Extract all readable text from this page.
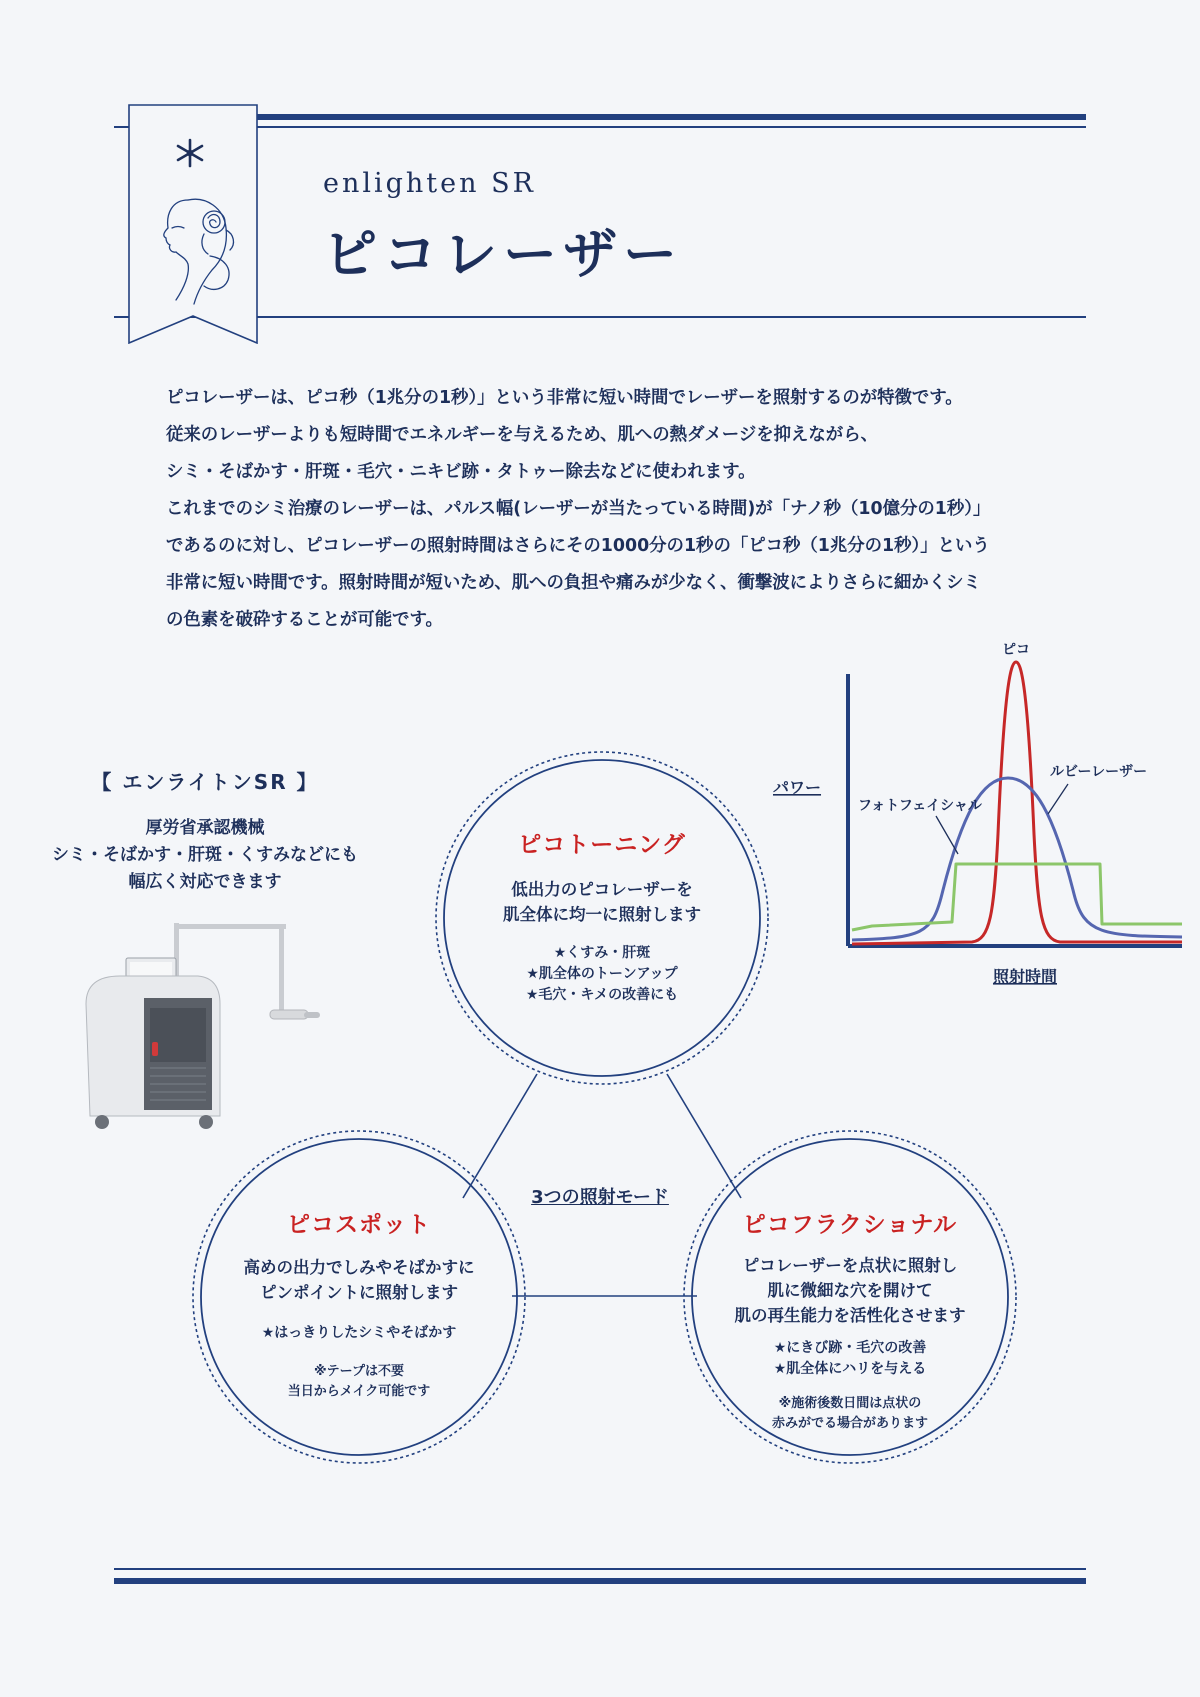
enlighten SR
ピコレーザー

ピコレーザーは、ピコ秒（1兆分の1秒）」という非常に短い時間でレーザーを照射するのが特徴です。

従来のレーザーよりも短時間でエネルギーを与えるため、肌への熱ダメージを抑えながら、

シミ・そばかす・肝斑・毛穴・ニキビ跡・タトゥー除去などに使われます。

これまでのシミ治療のレーザーは、パルス幅(レーザーが当たっている時間)が「ナノ秒（10億分の1秒）」

であるのに対し、ピコレーザーの照射時間はさらにその1000分の1秒の「ピコ秒（1兆分の1秒）」という

非常に短い時間です。照射時間が短いため、肌への負担や痛みが少なく、衝撃波によりさらに細かくシミ

の色素を破砕することが可能です。

【 エンライトンSR 】
厚労省承認機械
シミ・そばかす・肝斑・くすみなどにも
幅広く対応できます
ピコ
ルビーレーザー
フォトフェイシャル
パワー
照射時間
3つの照射モード
ピコトーニング
低出力のピコレーザーを
肌全体に均一に照射します
★くすみ・肝斑
★肌全体のトーンアップ
★毛穴・キメの改善にも
ピコスポット
高めの出力でしみやそばかすに
ピンポイントに照射します
★はっきりしたシミやそばかす
※テープは不要
当日からメイク可能です
ピコフラクショナル
ピコレーザーを点状に照射し
肌に微細な穴を開けて
肌の再生能力を活性化させます
★にきび跡・毛穴の改善
★肌全体にハリを与える
※施術後数日間は点状の
赤みがでる場合があります
